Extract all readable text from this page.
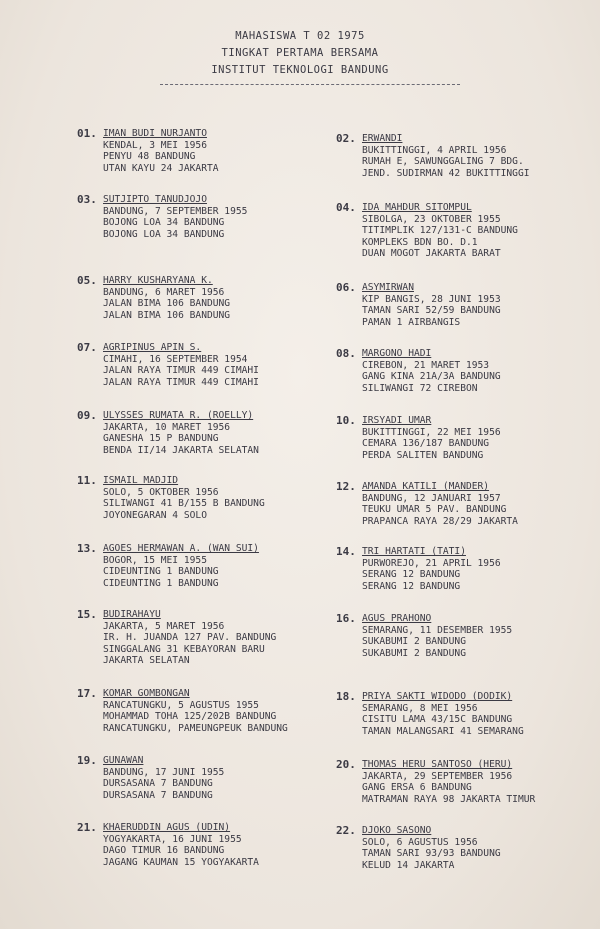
MAHASISWA T 02 1975
TINGKAT PERTAMA BERSAMA
INSTITUT TEKNOLOGI BANDUNG
01. IMAN BUDI NURJANTO
KENDAL, 3 MEI 1956
PENYU 48 BANDUNG
UTAN KAYU 24 JAKARTA
02. ERWANDI
BUKITTINGGI, 4 APRIL 1956
RUMAH E, SAWUNGGALING 7 BDG.
JEND. SUDIRMAN 42 BUKITTINGGI
03. SUTJIPTO TANUDJOJO
BANDUNG, 7 SEPTEMBER 1955
BOJONG LOA 34 BANDUNG
BOJONG LOA 34 BANDUNG
04. IDA MAHDUR SITOMPUL
SIBOLGA, 23 OKTOBER 1955
TITIMPLIK 127/131-C BANDUNG
KOMPLEKS BDN BO. D.1
DUAN MOGOT JAKARTA BARAT
05. HARRY KUSHARYANA K.
BANDUNG, 6 MARET 1956
JALAN BIMA 106 BANDUNG
JALAN BIMA 106 BANDUNG
06. ASYMIRWAN
KIP BANGIS, 28 JUNI 1953
TAMAN SARI 52/59 BANDUNG
PAMAN 1 AIRBANGIS
07. AGRIPINUS APIN S.
CIMAHI, 16 SEPTEMBER 1954
JALAN RAYA TIMUR 449 CIMAHI
JALAN RAYA TIMUR 449 CIMAHI
08. MARGONO HADI
CIREBON, 21 MARET 1953
GANG KINA 21A/3A BANDUNG
SILIWANGI 72 CIREBON
09. ULYSSES RUMATA R. (ROELLY)
JAKARTA, 10 MARET 1956
GANESHA 15 P BANDUNG
BENDA II/14 JAKARTA SELATAN
10. IRSYADI UMAR
BUKITTINGGI, 22 MEI 1956
CEMARA 136/187 BANDUNG
PERDA SALITEN BANDUNG
11. ISMAIL MADJID
SOLO, 5 OKTOBER 1956
SILIWANGI 41 B/155 B BANDUNG
JOYONEGARAN 4 SOLO
12. AMANDA KATILI (MANDER)
BANDUNG, 12 JANUARI 1957
TEUKU UMAR 5 PAV. BANDUNG
PRAPANCA RAYA 28/29 JAKARTA
13. AGOES HERMAWAN A. (WAN SUI)
BOGOR, 15 MEI 1955
CIDEUNTING 1 BANDUNG
CIDEUNTING 1 BANDUNG
14. TRI HARTATI (TATI)
PURWOREJO, 21 APRIL 1956
SERANG 12 BANDUNG
SERANG 12 BANDUNG
15. BUDIRAHAYU
JAKARTA, 5 MARET 1956
IR. H. JUANDA 127 PAV. BANDUNG
SINGGALANG 31 KEBAYORAN BARU
JAKARTA SELATAN
16. AGUS PRAHONO
SEMARANG, 11 DESEMBER 1955
SUKABUMI 2 BANDUNG
SUKABUMI 2 BANDUNG
17. KOMAR GOMBONGAN
RANCATUNGKU, 5 AGUSTUS 1955
MOHAMMAD TOHA 125/202B BANDUNG
RANCATUNGKU, PAMEUNGPEUK BANDUNG
18. PRIYA SAKTI WIDODO (DODIK)
SEMARANG, 8 MEI 1956
CISITU LAMA 43/15C BANDUNG
TAMAN MALANGSARI 41 SEMARANG
19. GUNAWAN
BANDUNG, 17 JUNI 1955
DURSASANA 7 BANDUNG
DURSASANA 7 BANDUNG
20. THOMAS HERU SANTOSO (HERU)
JAKARTA, 29 SEPTEMBER 1956
GANG ERSA 6 BANDUNG
MATRAMAN RAYA 98 JAKARTA TIMUR
21. KHAERUDDIN AGUS (UDIN)
YOGYAKARTA, 16 JUNI 1955
DAGO TIMUR 16 BANDUNG
JAGANG KAUMAN 15 YOGYAKARTA
22. DJOKO SASONO
SOLO, 6 AGUSTUS 1956
TAMAN SARI 93/93 BANDUNG
KELUD 14 JAKARTA
